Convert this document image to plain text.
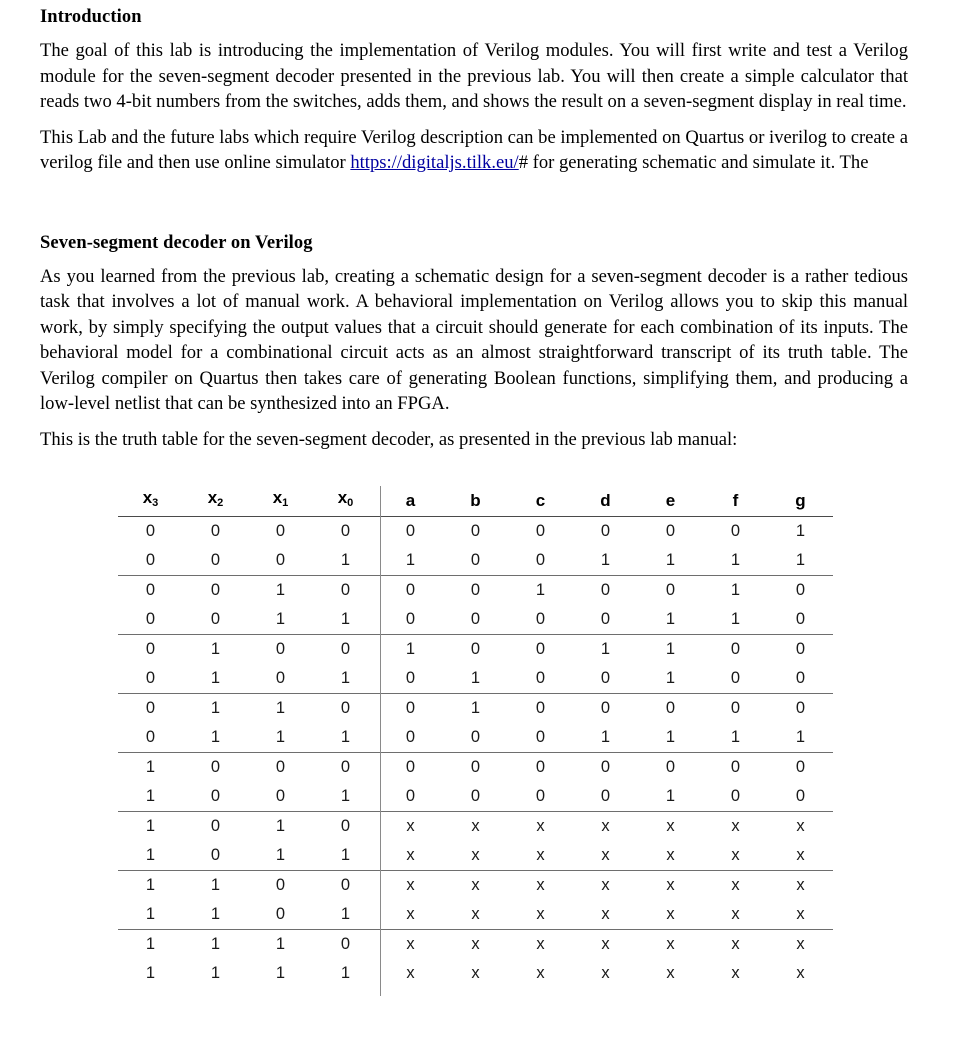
Introduction

The goal of this lab is introducing the implementation of Verilog modules. You will first write and test a Verilog module for the seven-segment decoder presented in the previous lab. You will then create a simple calculator that reads two 4-bit numbers from the switches, adds them, and shows the result on a seven-segment display in real time.

This Lab and the future labs which require Verilog description can be implemented on Quartus or iverilog to create a verilog file and then use online simulator https://digitaljs.tilk.eu/# for generating schematic and simulate it. The

Seven-segment decoder on Verilog

As you learned from the previous lab, creating a schematic design for a seven-segment decoder is a rather tedious task that involves a lot of manual work. A behavioral implementation on Verilog allows you to skip this manual work, by simply specifying the output values that a circuit should generate for each combination of its inputs. The behavioral model for a combinational circuit acts as an almost straightforward transcript of its truth table. The Verilog compiler on Quartus then takes care of generating Boolean functions, simplifying them, and producing a low-level netlist that can be synthesized into an FPGA.

This is the truth table for the seven-segment decoder, as presented in the previous lab manual:

$x_3$	$x_2$	$x_1$	$x_0$	a	b	c	d	e	f	g
0	0	0	0	0	0	0	0	0	0	1
0	0	0	1	1	0	0	1	1	1	1
0	0	1	0	0	0	1	0	0	1	0
0	0	1	1	0	0	0	0	1	1	0
0	1	0	0	1	0	0	1	1	0	0
0	1	0	1	0	1	0	0	1	0	0
0	1	1	0	0	1	0	0	0	0	0
0	1	1	1	0	0	0	1	1	1	1
1	0	0	0	0	0	0	0	0	0	0
1	0	0	1	0	0	0	0	1	0	0
1	0	1	0	x	x	x	x	x	x	x
1	0	1	1	x	x	x	x	x	x	x
1	1	0	0	x	x	x	x	x	x	x
1	1	0	1	x	x	x	x	x	x	x
1	1	1	0	x	x	x	x	x	x	x
1	1	1	1	x	x	x	x	x	x	x
